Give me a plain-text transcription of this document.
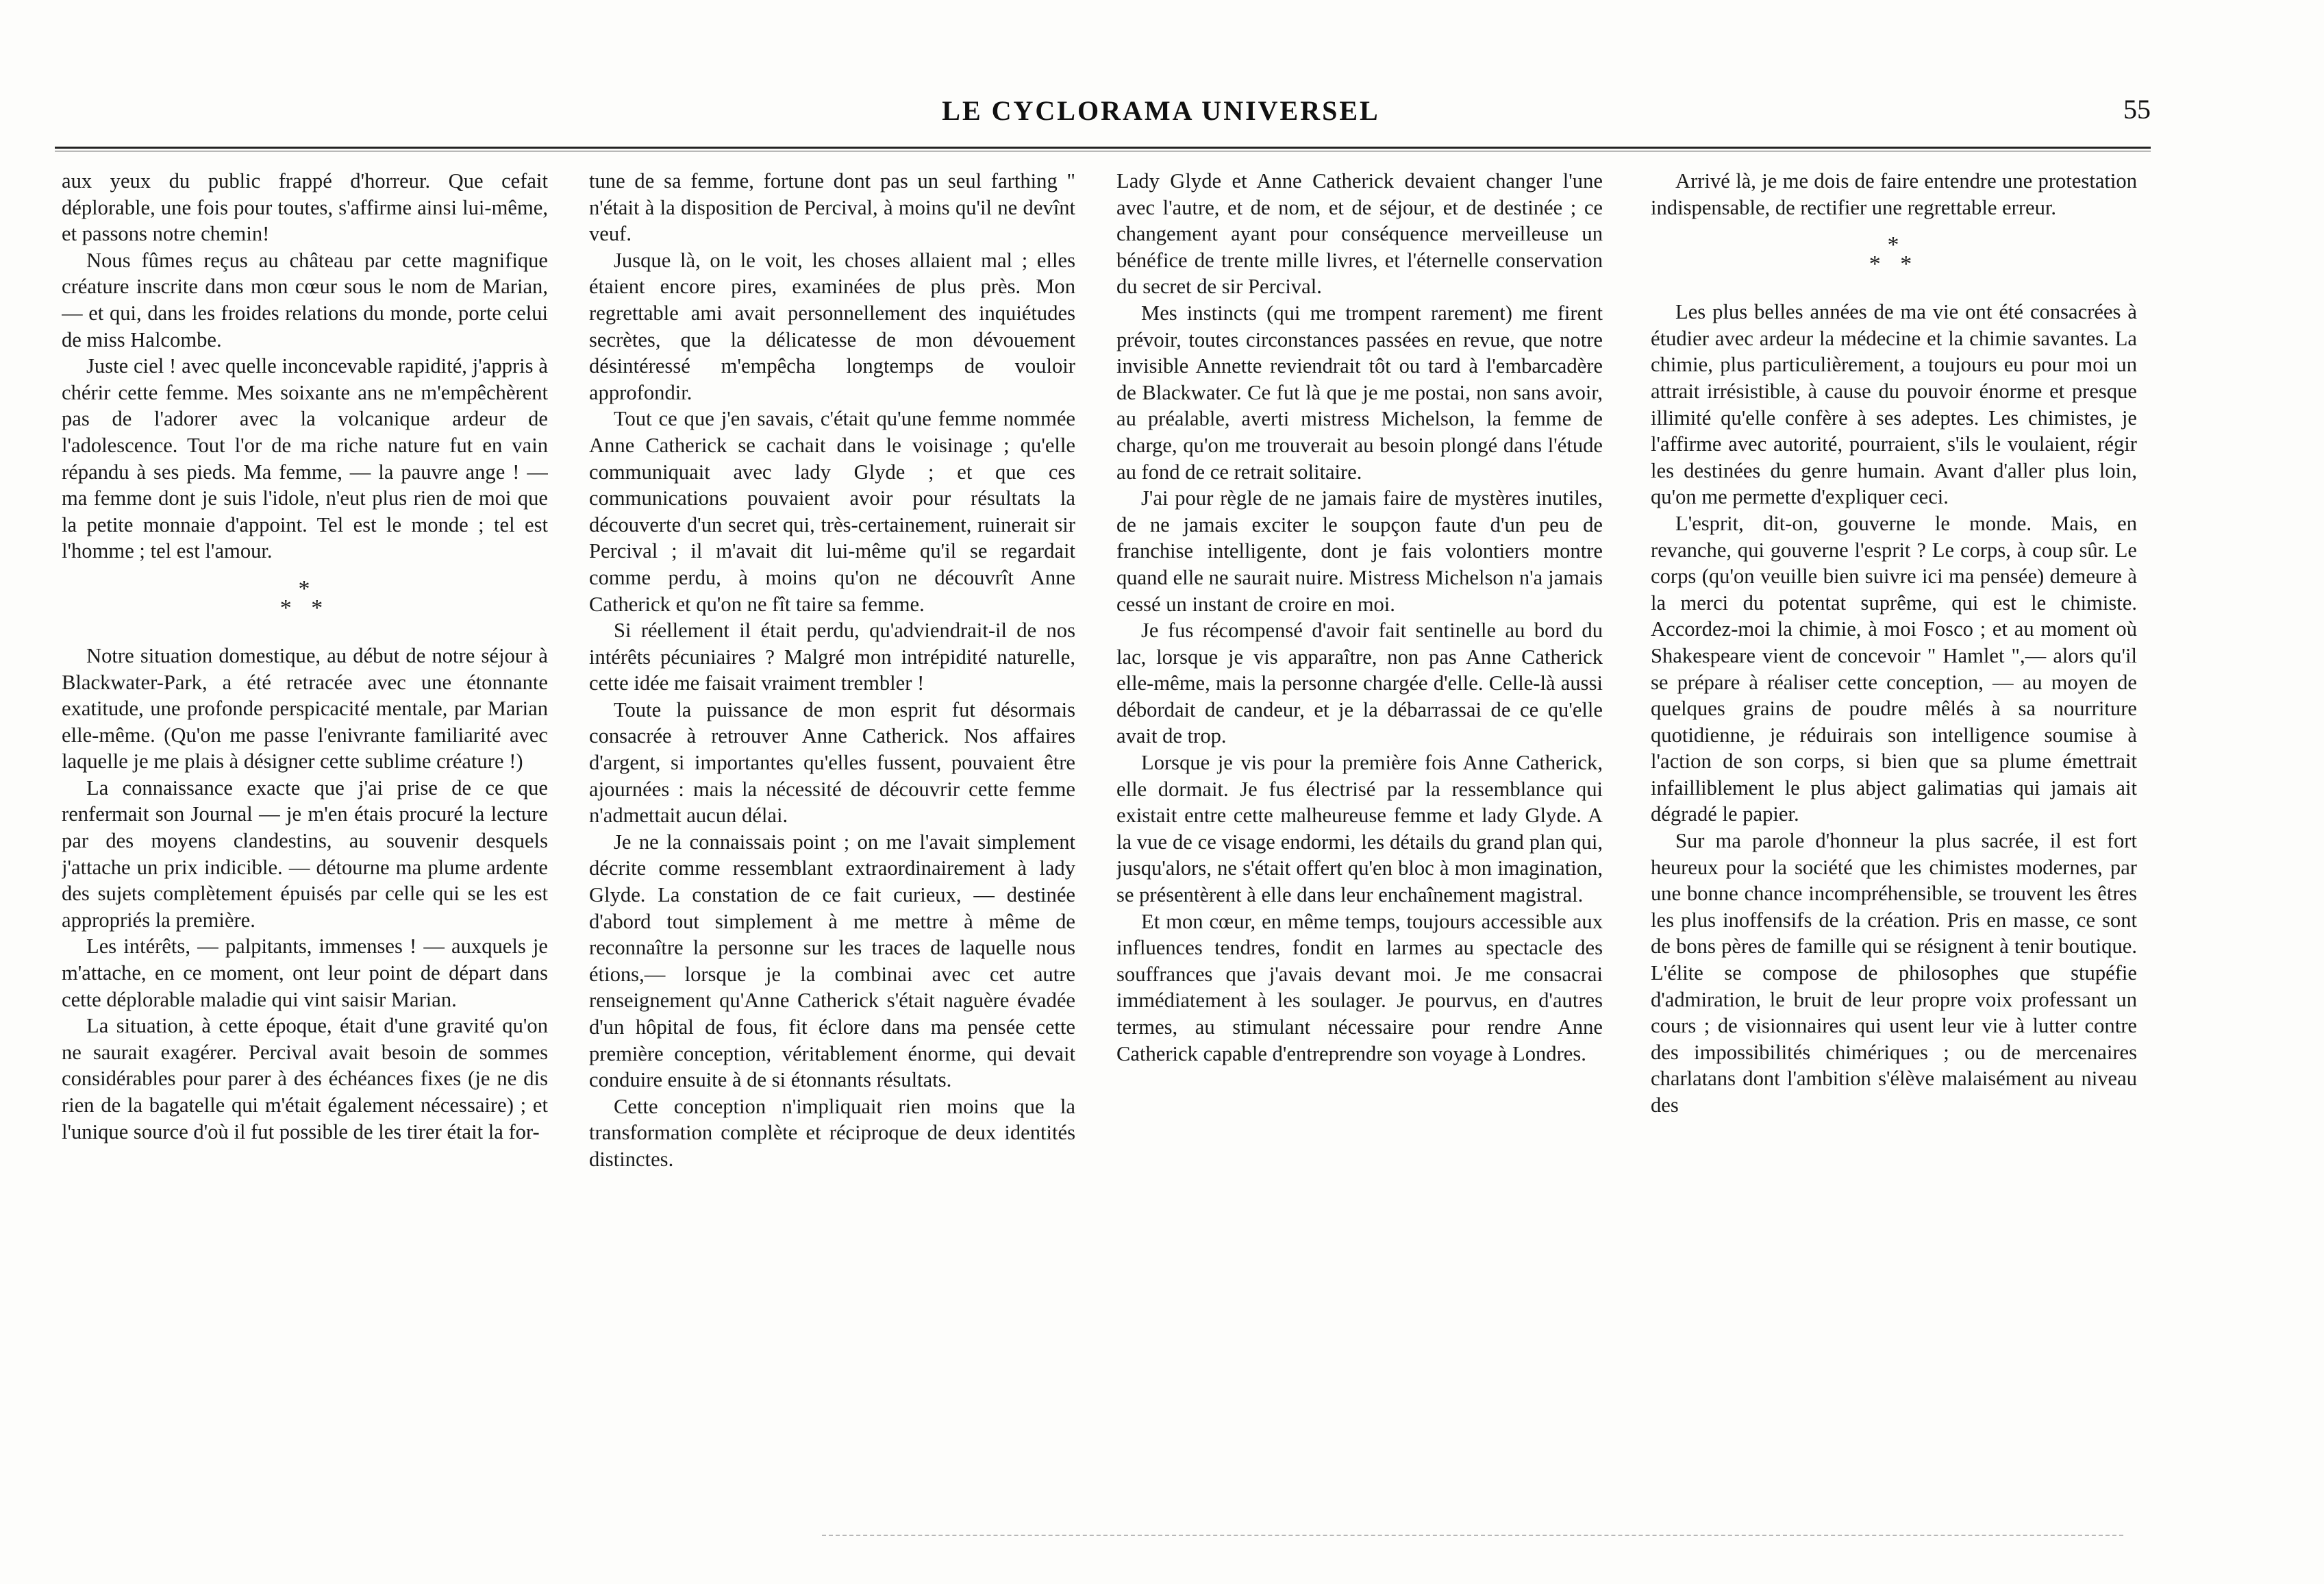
LE CYCLORAMA UNIVERSEL	55

aux yeux du public frappé d'horreur. Que cefait déplorable, une fois pour toutes, s'affirme ainsi lui-même, et passons notre chemin!

Nous fûmes reçus au château par cette magnifique créature inscrite dans mon cœur sous le nom de Marian, — et qui, dans les froides relations du monde, porte celui de miss Halcombe.

Juste ciel ! avec quelle inconcevable rapidité, j'appris à chérir cette femme. Mes soixante ans ne m'empêchèrent pas de l'adorer avec la volcanique ardeur de l'adolescence. Tout l'or de ma riche nature fut en vain répandu à ses pieds. Ma femme, — la pauvre ange ! — ma femme dont je suis l'idole, n'eut plus rien de moi que la petite monnaie d'appoint. Tel est le monde ; tel est l'homme ; tel est l'amour.

*
* *

Notre situation domestique, au début de notre séjour à Blackwater-Park, a été retracée avec une étonnante exatitude, une profonde perspicacité mentale, par Marian elle-même. (Qu'on me passe l'enivrante familiarité avec laquelle je me plais à désigner cette sublime créature !)

La connaissance exacte que j'ai prise de ce que renfermait son Journal — je m'en étais procuré la lecture par des moyens clandestins, au souvenir desquels j'attache un prix indicible. — détourne ma plume ardente des sujets complètement épuisés par celle qui se les est appropriés la première.

Les intérêts, — palpitants, immenses ! — auxquels je m'attache, en ce moment, ont leur point de départ dans cette déplorable maladie qui vint saisir Marian.

La situation, à cette époque, était d'une gravité qu'on ne saurait exagérer. Percival avait besoin de sommes considérables pour parer à des échéances fixes (je ne dis rien de la bagatelle qui m'était également nécessaire) ; et l'unique source d'où il fut possible de les tirer était la for-

tune de sa femme, fortune dont pas un seul farthing " n'était à la disposition de Percival, à moins qu'il ne devînt veuf.

Jusque là, on le voit, les choses allaient mal ; elles étaient encore pires, examinées de plus près. Mon regrettable ami avait personnellement des inquiétudes secrètes, que la délicatesse de mon dévouement désintéressé m'empêcha longtemps de vouloir approfondir.

Tout ce que j'en savais, c'était qu'une femme nommée Anne Catherick se cachait dans le voisinage ; qu'elle communiquait avec lady Glyde ; et que ces communications pouvaient avoir pour résultats la découverte d'un secret qui, très-certainement, ruinerait sir Percival ; il m'avait dit lui-même qu'il se regardait comme perdu, à moins qu'on ne découvrît Anne Catherick et qu'on ne fît taire sa femme.

Si réellement il était perdu, qu'adviendrait-il de nos intérêts pécuniaires ? Malgré mon intrépidité naturelle, cette idée me faisait vraiment trembler !

Toute la puissance de mon esprit fut désormais consacrée à retrouver Anne Catherick. Nos affaires d'argent, si importantes qu'elles fussent, pouvaient être ajournées : mais la nécessité de découvrir cette femme n'admettait aucun délai.

Je ne la connaissais point ; on me l'avait simplement décrite comme ressemblant extraordinairement à lady Glyde. La constation de ce fait curieux, — destinée d'abord tout simplement à me mettre à même de reconnaître la personne sur les traces de laquelle nous étions,— lorsque je la combinai avec cet autre renseignement qu'Anne Catherick s'était naguère évadée d'un hôpital de fous, fit éclore dans ma pensée cette première conception, véritablement énorme, qui devait conduire ensuite à de si étonnants résultats.

Cette conception n'impliquait rien moins que la transformation complète et réciproque de deux identités distinctes.

Lady Glyde et Anne Catherick devaient changer l'une avec l'autre, et de nom, et de séjour, et de destinée ; ce changement ayant pour conséquence merveilleuse un bénéfice de trente mille livres, et l'éternelle conservation du secret de sir Percival.

Mes instincts (qui me trompent rarement) me firent prévoir, toutes circonstances passées en revue, que notre invisible Annette reviendrait tôt ou tard à l'embarcadère de Blackwater. Ce fut là que je me postai, non sans avoir, au préalable, averti mistress Michelson, la femme de charge, qu'on me trouverait au besoin plongé dans l'étude au fond de ce retrait solitaire.

J'ai pour règle de ne jamais faire de mystères inutiles, de ne jamais exciter le soupçon faute d'un peu de franchise intelligente, dont je fais volontiers montre quand elle ne saurait nuire. Mistress Michelson n'a jamais cessé un instant de croire en moi.

Je fus récompensé d'avoir fait sentinelle au bord du lac, lorsque je vis apparaître, non pas Anne Catherick elle-même, mais la personne chargée d'elle. Celle-là aussi débordait de candeur, et je la débarrassai de ce qu'elle avait de trop.

Lorsque je vis pour la première fois Anne Catherick, elle dormait. Je fus électrisé par la ressemblance qui existait entre cette malheureuse femme et lady Glyde. A la vue de ce visage endormi, les détails du grand plan qui, jusqu'alors, ne s'était offert qu'en bloc à mon imagination, se présentèrent à elle dans leur enchaînement magistral.

Et mon cœur, en même temps, toujours accessible aux influences tendres, fondit en larmes au spectacle des souffrances que j'avais devant moi. Je me consacrai immédiatement à les soulager. Je pourvus, en d'autres termes, au stimulant nécessaire pour rendre Anne Catherick capable d'entreprendre son voyage à Londres.

Arrivé là, je me dois de faire entendre une protestation indispensable, de rectifier une regrettable erreur.

*
* *

Les plus belles années de ma vie ont été consacrées à étudier avec ardeur la médecine et la chimie savantes. La chimie, plus particulièrement, a toujours eu pour moi un attrait irrésistible, à cause du pouvoir énorme et presque illimité qu'elle confère à ses adeptes. Les chimistes, je l'affirme avec autorité, pourraient, s'ils le voulaient, régir les destinées du genre humain. Avant d'aller plus loin, qu'on me permette d'expliquer ceci.

L'esprit, dit-on, gouverne le monde. Mais, en revanche, qui gouverne l'esprit ? Le corps, à coup sûr. Le corps (qu'on veuille bien suivre ici ma pensée) demeure à la merci du potentat suprême, qui est le chimiste. Accordez-moi la chimie, à moi Fosco ; et au moment où Shakespeare vient de concevoir " Hamlet ",— alors qu'il se prépare à réaliser cette conception, — au moyen de quelques grains de poudre mêlés à sa nourriture quotidienne, je réduirais son intelligence soumise à l'action de son corps, si bien que sa plume émettrait infailliblement le plus abject galimatias qui jamais ait dégradé le papier.

Sur ma parole d'honneur la plus sacrée, il est fort heureux pour la société que les chimistes modernes, par une bonne chance incompréhensible, se trouvent les êtres les plus inoffensifs de la création. Pris en masse, ce sont de bons pères de famille qui se résignent à tenir boutique. L'élite se compose de philosophes que stupéfie d'admiration, le bruit de leur propre voix professant un cours ; de visionnaires qui usent leur vie à lutter contre des impossibilités chimériques ; ou de mercenaires charlatans dont l'ambition s'élève malaisément au niveau des
